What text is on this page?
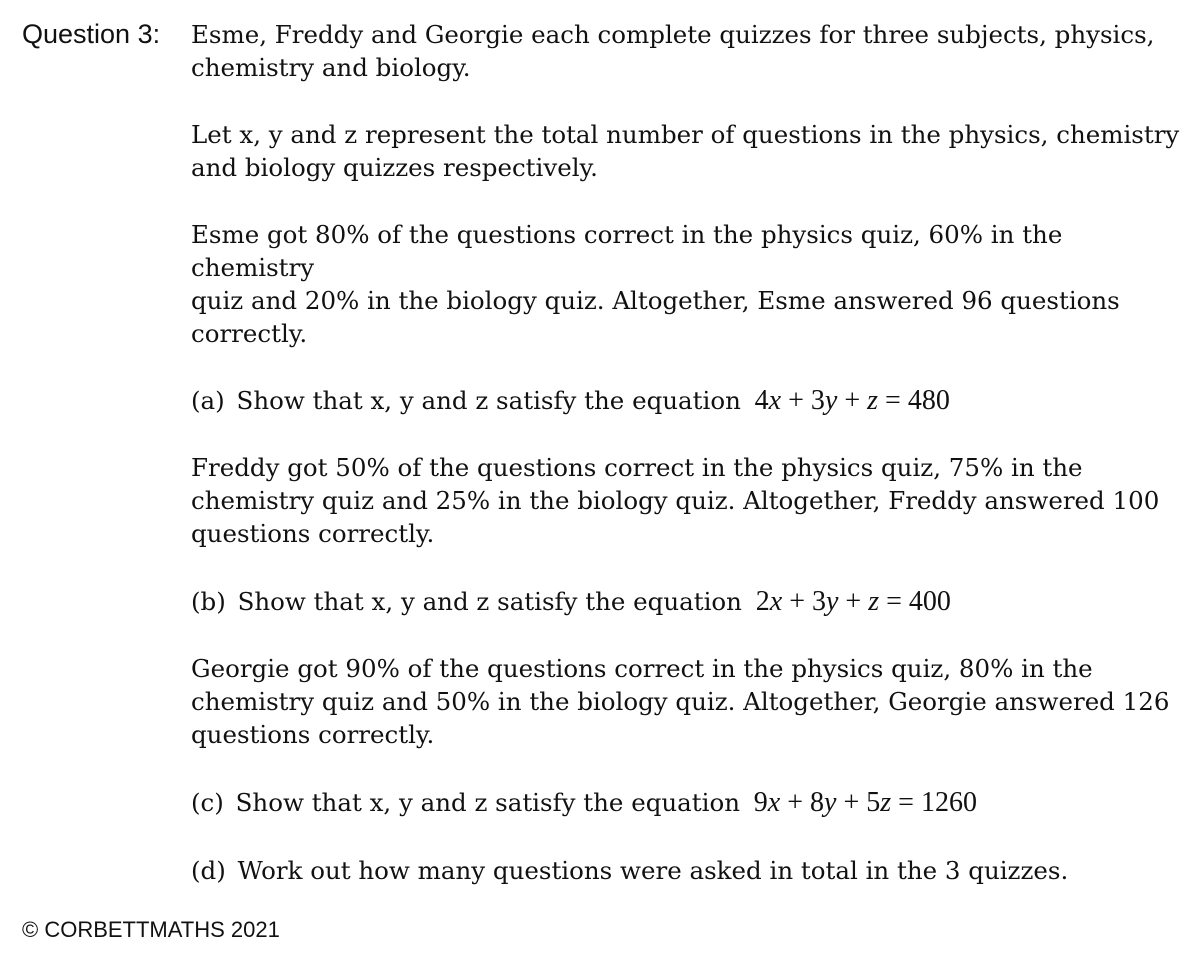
Question 3: Esme, Freddy and Georgie each complete quizzes for three subjects, physics,
chemistry and biology.

Let x, y and z represent the total number of questions in the physics, chemistry
and biology quizzes respectively.

Esme got 80% of the questions correct in the physics quiz, 60% in the chemistry
quiz and 20% in the biology quiz. Altogether, Esme answered 96 questions
correctly.

(a) Show that x, y and z satisfy the equation 4x + 3y + z = 480

Freddy got 50% of the questions correct in the physics quiz, 75% in the
chemistry quiz and 25% in the biology quiz. Altogether, Freddy answered 100
questions correctly.

(b) Show that x, y and z satisfy the equation 2x + 3y + z = 400

Georgie got 90% of the questions correct in the physics quiz, 80% in the
chemistry quiz and 50% in the biology quiz. Altogether, Georgie answered 126
questions correctly.

(c) Show that x, y and z satisfy the equation 9x + 8y + 5z = 1260

(d) Work out how many questions were asked in total in the 3 quizzes.

© CORBETTMATHS 2021
